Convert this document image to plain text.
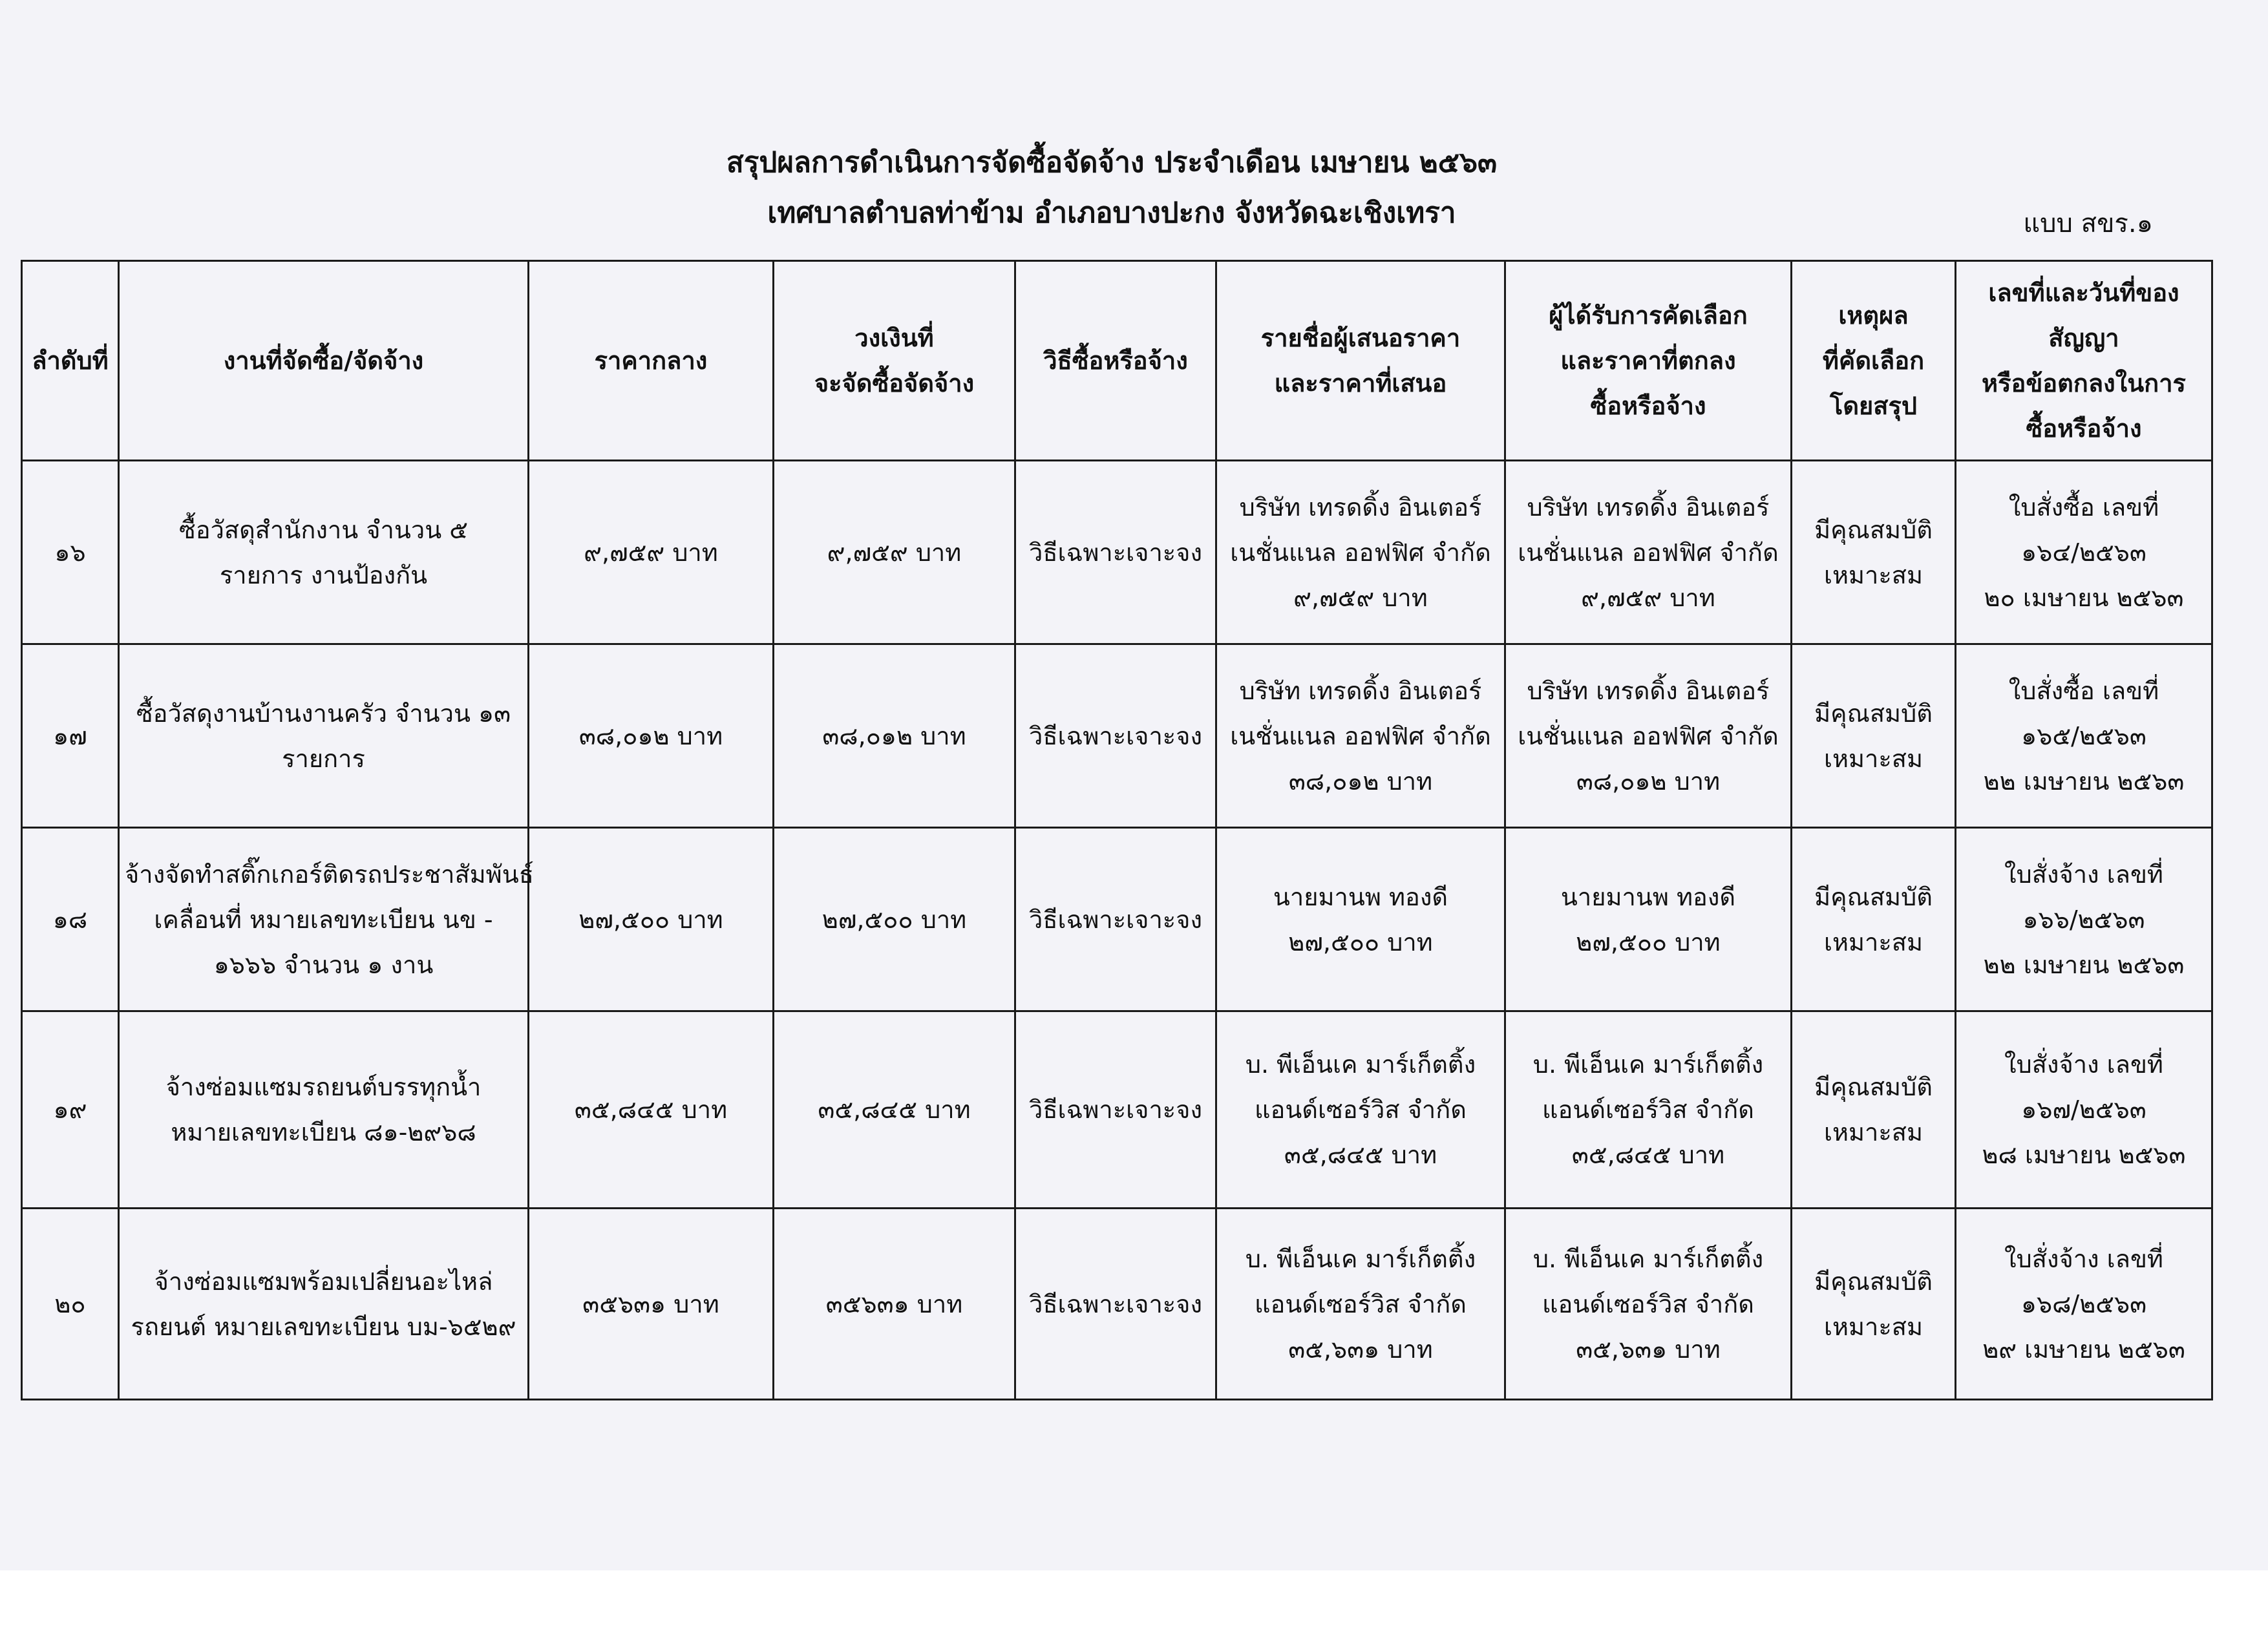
สรุปผลการดำเนินการจัดซื้อจัดจ้าง ประจำเดือน เมษายน ๒๕๖๓
เทศบาลตำบลท่าข้าม อำเภอบางปะกง จังหวัดฉะเชิงเทรา	แบบ สขร.๑
ลำดับที่	งานที่จัดซื้อ/จัดจ้าง	ราคากลาง	วงเงินที่
จะจัดซื้อจัดจ้าง	วิธีซื้อหรือจ้าง	รายชื่อผู้เสนอราคา
และราคาที่เสนอ	ผู้ได้รับการคัดเลือก
และราคาที่ตกลง
ซื้อหรือจ้าง	เหตุผล
ที่คัดเลือก
โดยสรุป	เลขที่และวันที่ของ
สัญญา
หรือข้อตกลงในการ
ซื้อหรือจ้าง

๑๖	ซื้อวัสดุสำนักงาน จำนวน ๕
รายการ งานป้องกัน	๙,๗๕๙ บาท	๙,๗๕๙ บาท	วิธีเฉพาะเจาะจง	บริษัท เทรดดิ้ง อินเตอร์
เนชั่นแนล ออฟฟิศ จำกัด
๙,๗๕๙ บาท	บริษัท เทรดดิ้ง อินเตอร์
เนชั่นแนล ออฟฟิศ จำกัด
๙,๗๕๙ บาท	มีคุณสมบัติ
เหมาะสม	ใบสั่งซื้อ เลขที่
๑๖๔/๒๕๖๓
๒๐ เมษายน ๒๕๖๓

๑๗	ซื้อวัสดุงานบ้านงานครัว จำนวน ๑๓
รายการ	๓๘,๐๑๒ บาท	๓๘,๐๑๒ บาท	วิธีเฉพาะเจาะจง	บริษัท เทรดดิ้ง อินเตอร์
เนชั่นแนล ออฟฟิศ จำกัด
๓๘,๐๑๒ บาท	บริษัท เทรดดิ้ง อินเตอร์
เนชั่นแนล ออฟฟิศ จำกัด
๓๘,๐๑๒ บาท	มีคุณสมบัติ
เหมาะสม	ใบสั่งซื้อ เลขที่
๑๖๕/๒๕๖๓
๒๒ เมษายน ๒๕๖๓

๑๘	จ้างจัดทำสติ๊กเกอร์ติดรถประชาสัมพันธ์
เคลื่อนที่ หมายเลขทะเบียน นข -
๑๖๖๖ จำนวน ๑ งาน	๒๗,๕๐๐ บาท	๒๗,๕๐๐ บาท	วิธีเฉพาะเจาะจง	นายมานพ ทองดี
๒๗,๕๐๐ บาท	นายมานพ ทองดี
๒๗,๕๐๐ บาท	มีคุณสมบัติ
เหมาะสม	ใบสั่งจ้าง เลขที่
๑๖๖/๒๕๖๓
๒๒ เมษายน ๒๕๖๓

๑๙	จ้างซ่อมแซมรถยนต์บรรทุกน้ำ
หมายเลขทะเบียน ๘๑-๒๙๖๘	๓๕,๘๔๕ บาท	๓๕,๘๔๕ บาท	วิธีเฉพาะเจาะจง	บ. พีเอ็นเค มาร์เก็ตติ้ง
แอนด์เซอร์วิส จำกัด
๓๕,๘๔๕ บาท	บ. พีเอ็นเค มาร์เก็ตติ้ง
แอนด์เซอร์วิส จำกัด
๓๕,๘๔๕ บาท	มีคุณสมบัติ
เหมาะสม	ใบสั่งจ้าง เลขที่
๑๖๗/๒๕๖๓
๒๘ เมษายน ๒๕๖๓

๒๐	จ้างซ่อมแซมพร้อมเปลี่ยนอะไหล่
รถยนต์ หมายเลขทะเบียน บม-๖๕๒๙	๓๕๖๓๑ บาท	๓๕๖๓๑ บาท	วิธีเฉพาะเจาะจง	บ. พีเอ็นเค มาร์เก็ตติ้ง
แอนด์เซอร์วิส จำกัด
๓๕,๖๓๑ บาท	บ. พีเอ็นเค มาร์เก็ตติ้ง
แอนด์เซอร์วิส จำกัด
๓๕,๖๓๑ บาท	มีคุณสมบัติ
เหมาะสม	ใบสั่งจ้าง เลขที่
๑๖๘/๒๕๖๓
๒๙ เมษายน ๒๕๖๓
